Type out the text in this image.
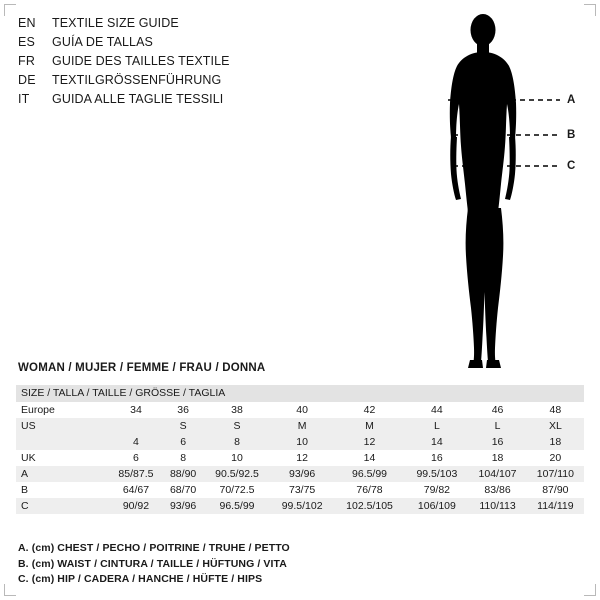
EN	TEXTILE SIZE GUIDE
ES	GUÍA DE TALLAS
FR	GUIDE DES TAILLES TEXTILE
DE	TEXTILGRÖSSENFÜHRUNG
IT	GUIDA ALLE TAGLIE TESSILI	A
B
C
WOMAN / MUJER / FEMME / FRAU / DONNA
SIZE / TALLA / TAILLE / GRÖSSE / TAGLIA								
Europe	34	36	38	40	42	44	46	48
US		S	S	M	M	L	L	XL
	4	6	8	10	12	14	16	18
UK	6	8	10	12	14	16	18	20
A	85/87.5	88/90	90.5/92.5	93/96	96.5/99	99.5/103	104/107	107/110
B	64/67	68/70	70/72.5	73/75	76/78	79/82	83/86	87/90
C	90/92	93/96	96.5/99	99.5/102	102.5/105	106/109	110/113	114/119
A. (cm) CHEST / PECHO / POITRINE / TRUHE / PETTO
B. (cm) WAIST / CINTURA / TAILLE / HÜFTUNG / VITA
C. (cm) HIP / CADERA / HANCHE / HÜFTE / HIPS
